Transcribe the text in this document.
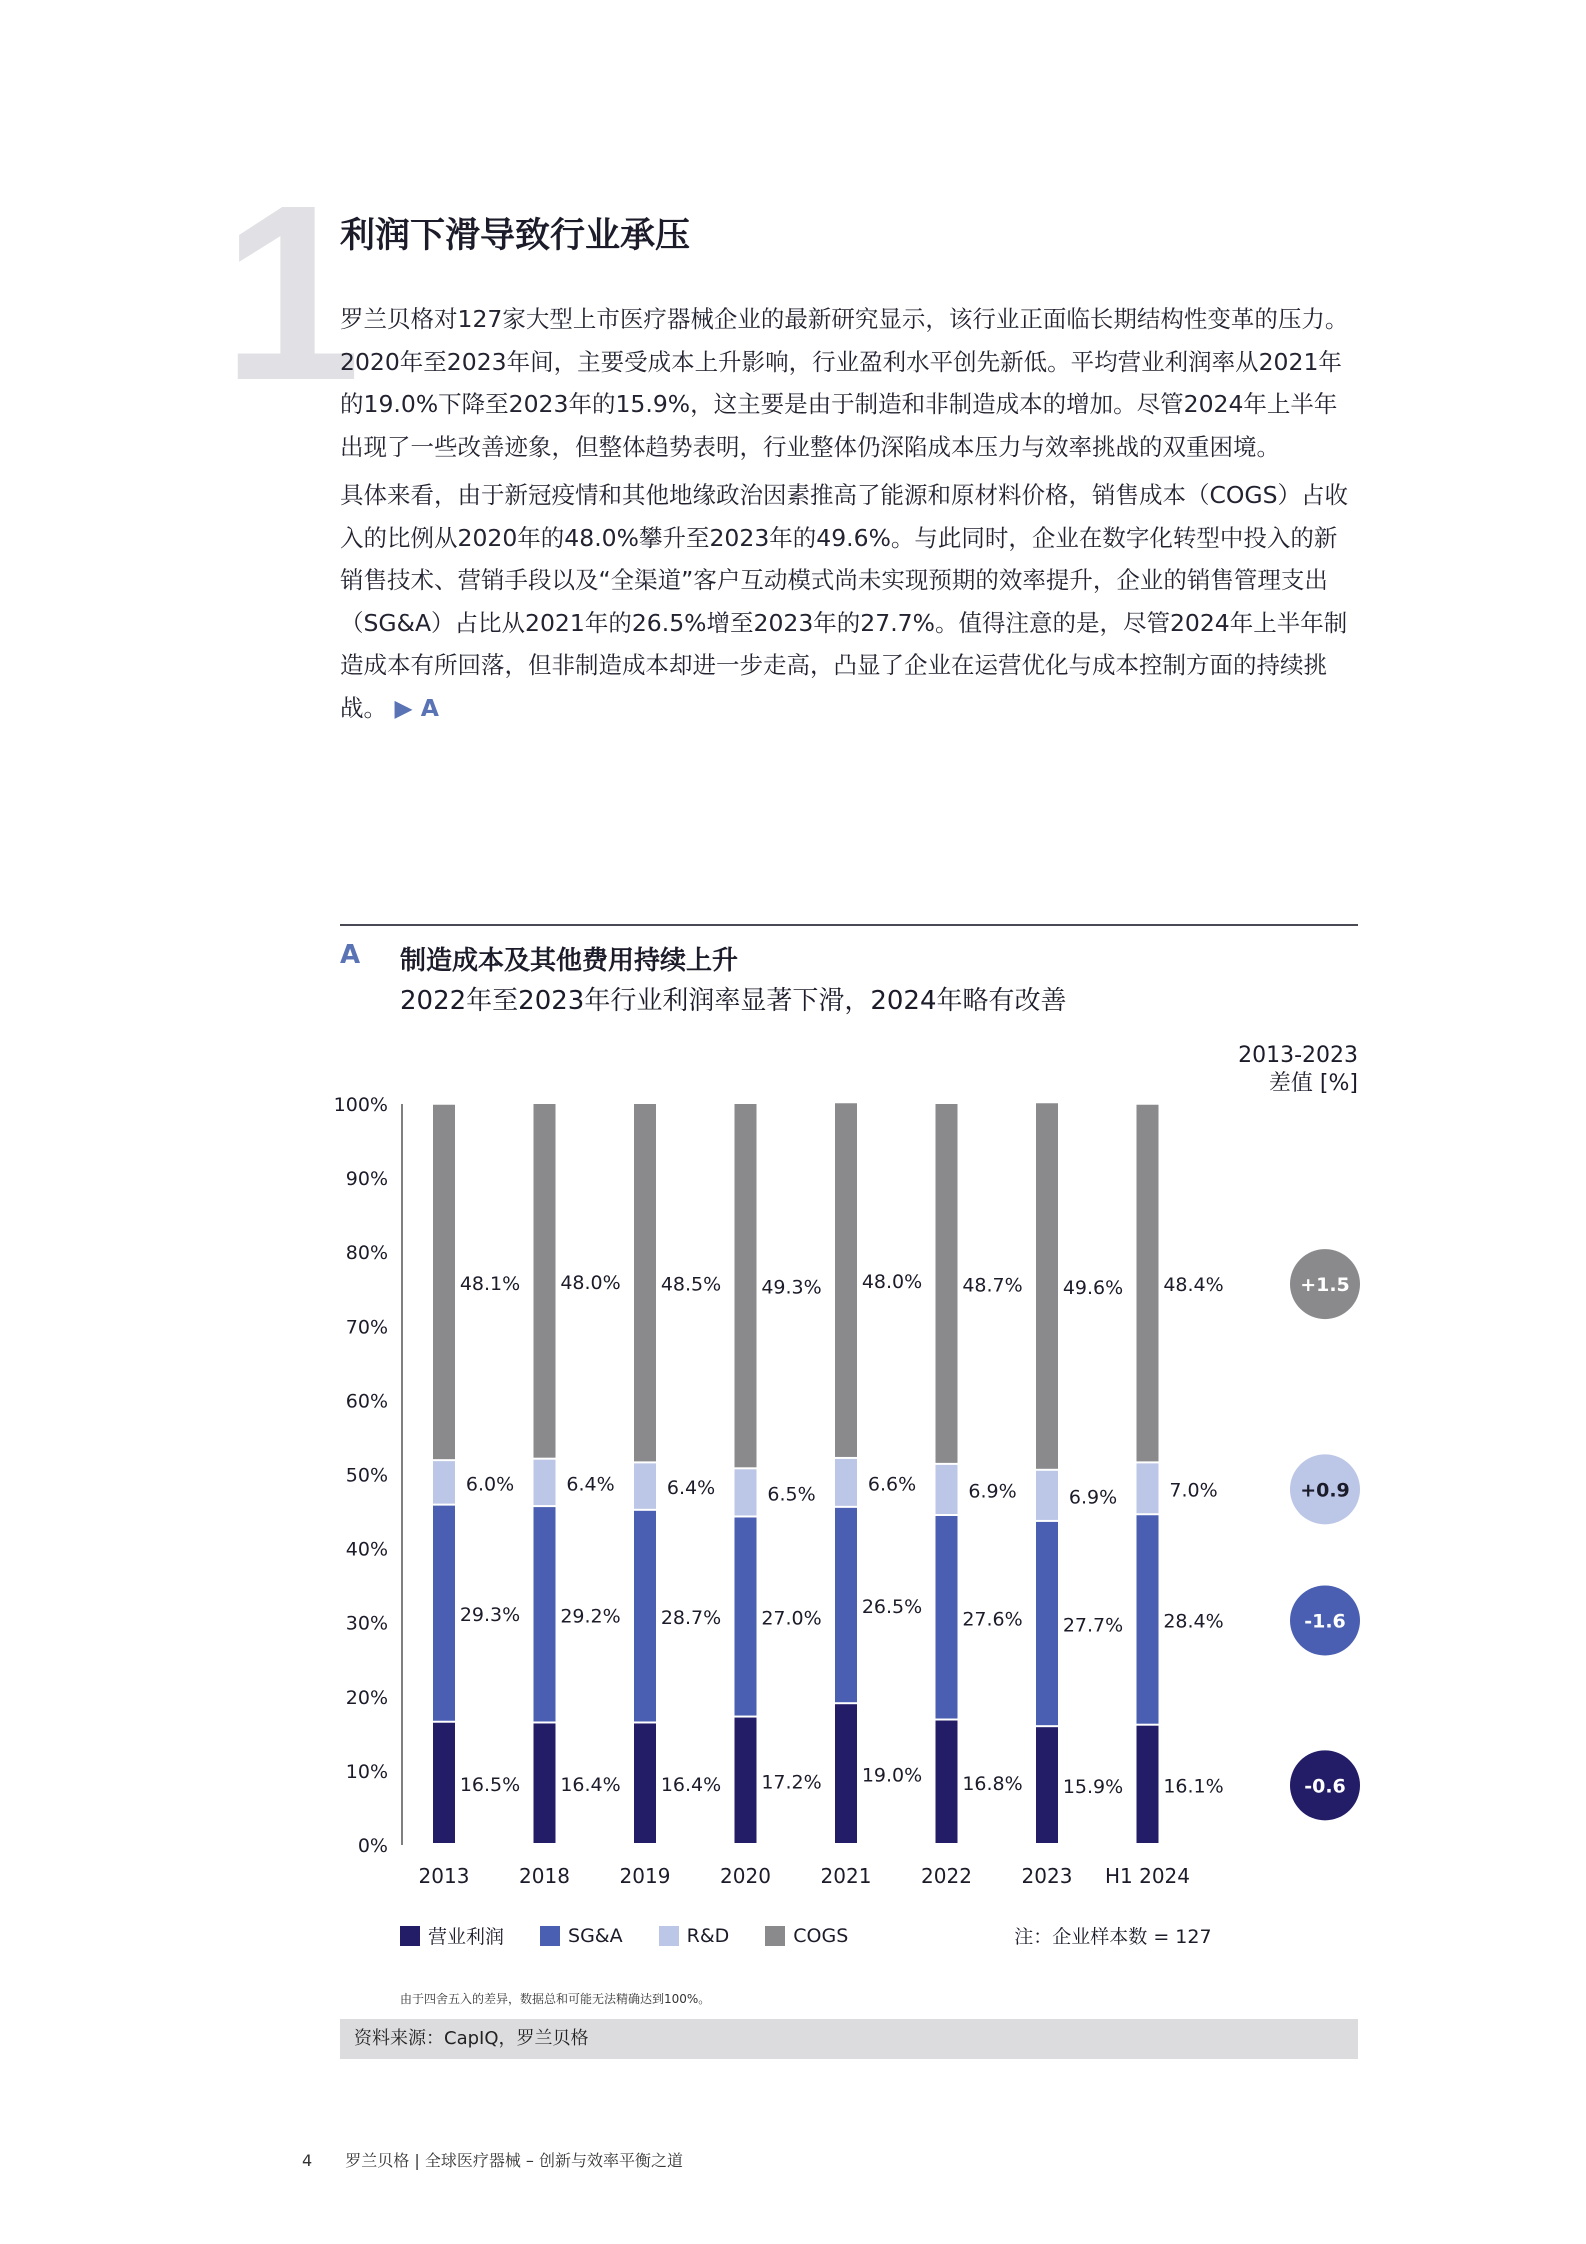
1
利润下滑导致行业承压

罗兰贝格对127家大型上市医疗器械企业的最新研究显示，该行业正面临长期结构性变革的压力。2020年至2023年间，主要受成本上升影响，行业盈利水平创先新低。平均营业利润率从2021年的19.0%下降至2023年的15.9%，这主要是由于制造和非制造成本的增加。尽管2024年上半年出现了一些改善迹象，但整体趋势表明，行业整体仍深陷成本压力与效率挑战的双重困境。

具体来看，由于新冠疫情和其他地缘政治因素推高了能源和原材料价格，销售成本（COGS）占收入的比例从2020年的48.0%攀升至2023年的49.6%。与此同时，企业在数字化转型中投入的新销售技术、营销手段以及“全渠道”客户互动模式尚未实现预期的效率提升，企业的销售管理支出（SG&A）占比从2021年的26.5%增至2023年的27.7%。值得注意的是，尽管2024年上半年制造成本有所回落，但非制造成本却进一步走高，凸显了企业在运营优化与成本控制方面的持续挑战。 ▶ A

A 制造成本及其他费用持续上升
2022年至2023年行业利润率显著下滑，2024年略有改善
2013-2023
差值 [%]
0%
10%
20%
30%
40%
50%
60%
70%
80%
90%
100%
16.5%
29.3%
6.0%
48.1%
2013
16.4%
29.2%
6.4%
48.0%
2018
16.4%
28.7%
6.4%
48.5%
2019
17.2%
27.0%
6.5%
49.3%
2020
19.0%
26.5%
6.6%
48.0%
2021
16.8%
27.6%
6.9%
48.7%
2022
15.9%
27.7%
6.9%
49.6%
2023
16.1%
28.4%
7.0%
48.4%
H1 2024
+1.5
+0.9
-1.6
-0.6
营业利润	SG&A	R&D	COGS	注：企业样本数 = 127
由于四舍五入的差异，数据总和可能无法精确达到100%。
资料来源：CapIQ，罗兰贝格
4 罗兰贝格 | 全球医疗器械 – 创新与效率平衡之道
